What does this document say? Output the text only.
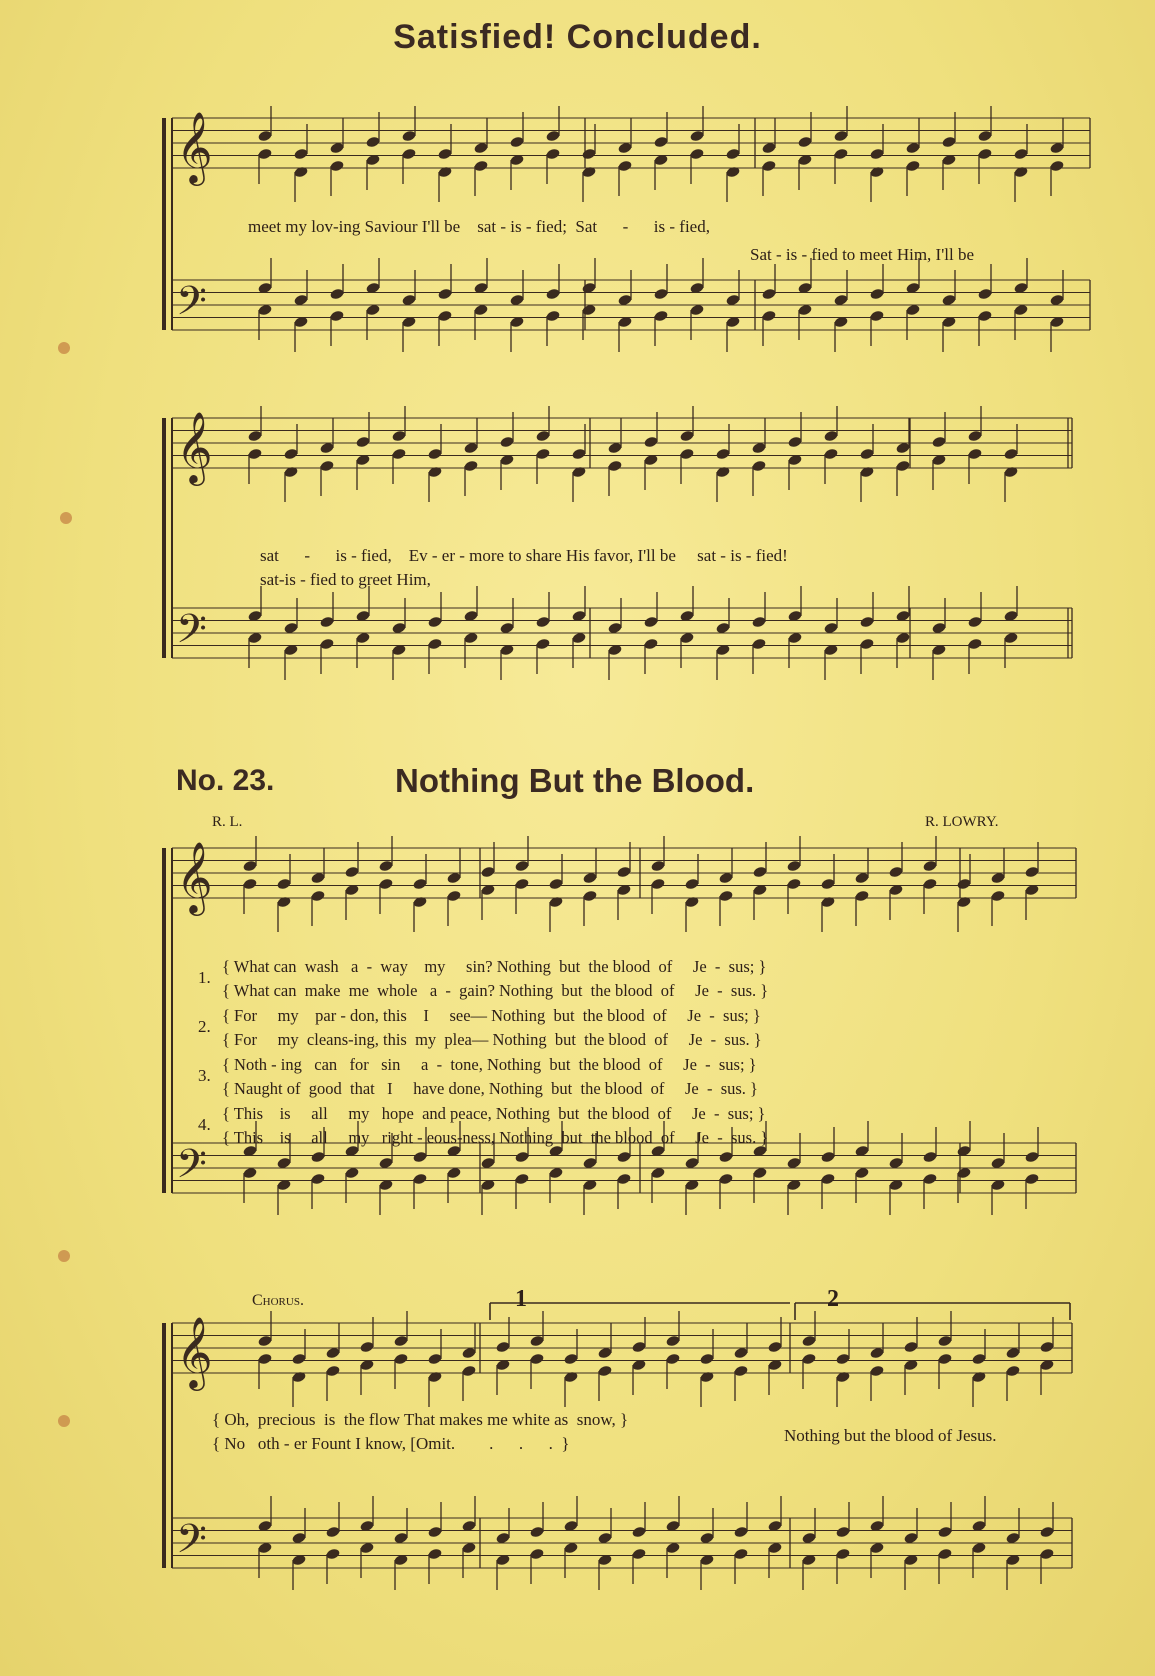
Satisfied! Concluded.
𝄞
𝄢
𝄞
𝄢
𝄞
𝄢
𝄞
𝄢
meet my lov-ing Saviour I'll be    sat - is - fied;  Sat      -      is - fied,
Sat - is - fied to meet Him, I'll be
sat      -      is - fied,    Ev - er - more to share His favor, I'll be     sat - is - fied!
sat-is - fied to greet Him,
No. 23.	Nothing But the Blood.
R. L.	R. LOWRY.
1.
{ What can  wash   a  -  way    my     sin? Nothing  but  the blood  of     Je  -  sus; }
{ What can  make  me  whole   a  -  gain? Nothing  but  the blood  of     Je  -  sus. }
2.
{ For     my    par - don, this    I     see— Nothing  but  the blood  of     Je  -  sus; }
{ For     my  cleans-ing, this  my  plea— Nothing  but  the blood  of     Je  -  sus. }
3.
{ Noth - ing   can   for   sin     a  -  tone, Nothing  but  the blood  of     Je  -  sus; }
{ Naught of  good  that   I     have done, Nothing  but  the blood  of     Je  -  sus. }
4.
{ This    is     all     my   hope  and peace, Nothing  but  the blood  of     Je  -  sus; }
{ This    is     all     my   right - eous-ness, Nothing  but  the blood  of     Je  -  sus. }
Chorus.	1	2
{ Oh,  precious  is  the flow That makes me white as  snow, }
{ No   oth - er Fount I know, [Omit.        .      .      .  }	Nothing but the blood of Jesus.
